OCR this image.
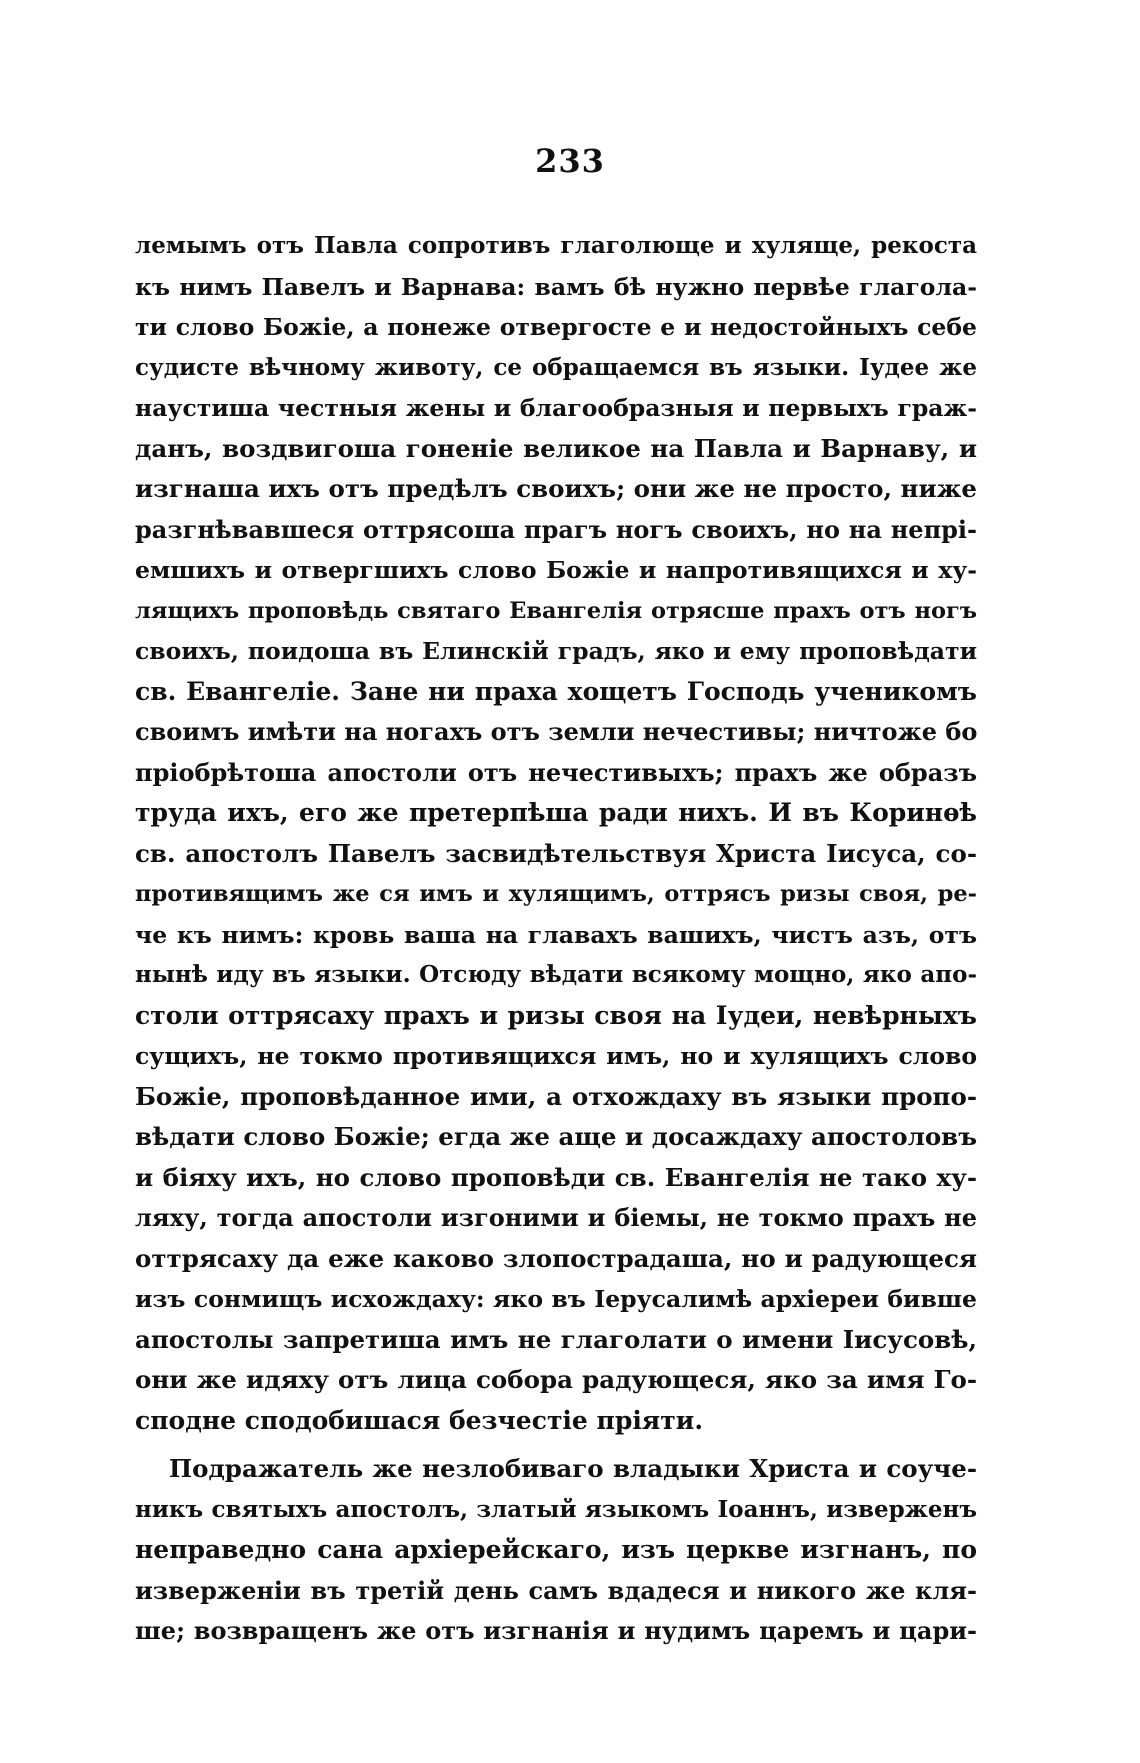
233
лемымъ отъ Павла сопротивъ глаголюще и хуляще, рекоста
къ нимъ Павелъ и Варнава: вамъ бѣ нужно первѣе глагола-
ти слово Божіе, а понеже отвергосте е и недостойныхъ себе
судисте вѣчному животу, се обращаемся въ языки. Іудее же
наустиша честныя жены и благообразныя и первыхъ граж-
данъ, воздвигоша гоненіе великое на Павла и Варнаву, и
изгнаша ихъ отъ предѣлъ своихъ; они же не просто, ниже
разгнѣвавшеся оттрясоша прагъ ногъ своихъ, но на непрі-
емшихъ и отвергшихъ слово Божіе и напротивящихся и ху-
лящихъ проповѣдь святаго Евангелія отрясше прахъ отъ ногъ
своихъ, поидоша въ Елинскій градъ, яко и ему проповѣдати
св. Евангеліе. Зане ни праха хощетъ Господь ученикомъ
своимъ имѣти на ногахъ отъ земли нечестивы; ничтоже бо
пріобрѣтоша апостоли отъ нечестивыхъ; прахъ же образъ
труда ихъ, его же претерпѣша ради нихъ. И въ Коринѳѣ
св. апостолъ Павелъ засвидѣтельствуя Христа Іисуса, со-
противящимъ же ся имъ и хулящимъ, оттрясъ ризы своя, ре-
че къ нимъ: кровь ваша на главахъ вашихъ, чистъ азъ, отъ
нынѣ иду въ языки. Отсюду вѣдати всякому мощно, яко апо-
столи оттрясаху прахъ и ризы своя на Іудеи, невѣрныхъ
сущихъ, не токмо противящихся имъ, но и хулящихъ слово
Божіе, проповѣданное ими, а отхождаху въ языки пропо-
вѣдати слово Божіе; егда же аще и досаждаху апостоловъ
и біяху ихъ, но слово проповѣди св. Евангелія не тако ху-
ляху, тогда апостоли изгоними и біемы, не токмо прахъ не
оттрясаху да еже каково злопострадаша, но и радующеся
изъ сонмищъ исхождаху: яко въ Іерусалимѣ архіереи бивше
апостолы запретиша имъ не глаголати о имени Іисусовѣ,
они же идяху отъ лица собора радующеся, яко за имя Го-
сподне сподобишася безчестіе пріяти.
Подражатель же незлобиваго владыки Христа и соуче-
никъ святыхъ апостолъ, златый языкомъ Іоаннъ, изверженъ
неправедно сана архіерейскаго, изъ церкве изгнанъ, по
изверженіи въ третій день самъ вдадеся и никого же кля-
ше; возвращенъ же отъ изгнанія и нудимъ царемъ и цари-
